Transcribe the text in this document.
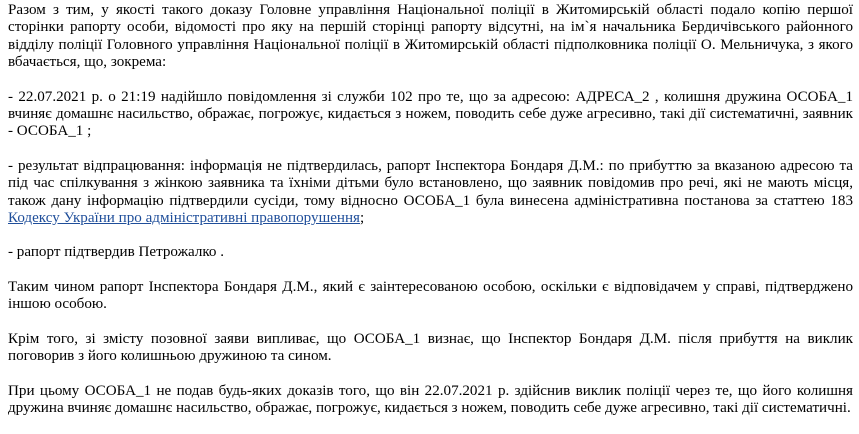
Разом з тим, у якості такого доказу Головне управління Національної поліції в Житомирській області подало копію першої сторінки рапорту особи, відомості про яку на першій сторінці рапорту відсутні, на ім`я начальника Бердичівського районного відділу поліції Головного управління Національної поліції в Житомирській області підполковника поліції О. Мельничука, з якого вбачається, що, зокрема:

- 22.07.2021 р. о 21:19 надійшло повідомлення зі служби 102 про те, що за адресою: АДРЕСА_2 , колишня дружина ОСОБА_1 вчиняє домашнє насильство, ображає, погрожує, кидається з ножем, поводить себе дуже агресивно, такі дії систематичні, заявник - ОСОБА_1 ;

- результат відпрацювання: інформація не підтвердилась, рапорт Інспектора Бондаря Д.М.: по прибуттю за вказаною адресою та під час спілкування з жінкою заявника та їхніми дітьми було встановлено, що заявник повідомив про речі, які не мають місця, також дану інформацію підтвердили сусіди, тому відносно ОСОБА_1 була винесена адміністративна постанова за статтею 183 Кодексу України про адміністративні правопорушення;

- рапорт підтвердив Петрожалко .

Таким чином рапорт Інспектора Бондаря Д.М., який є заінтересованою особою, оскільки є відповідачем у справі, підтверджено іншою особою.

Крім того, зі змісту позовної заяви випливає, що ОСОБА_1 визнає, що Інспектор Бондаря Д.М. після прибуття на виклик поговорив з його колишньою дружиною та сином.

При цьому ОСОБА_1 не подав будь-яких доказів того, що він 22.07.2021 р. здійснив виклик поліції через те, що його колишня дружина вчиняє домашнє насильство, ображає, погрожує, кидається з ножем, поводить себе дуже агресивно, такі дії систематичні.
